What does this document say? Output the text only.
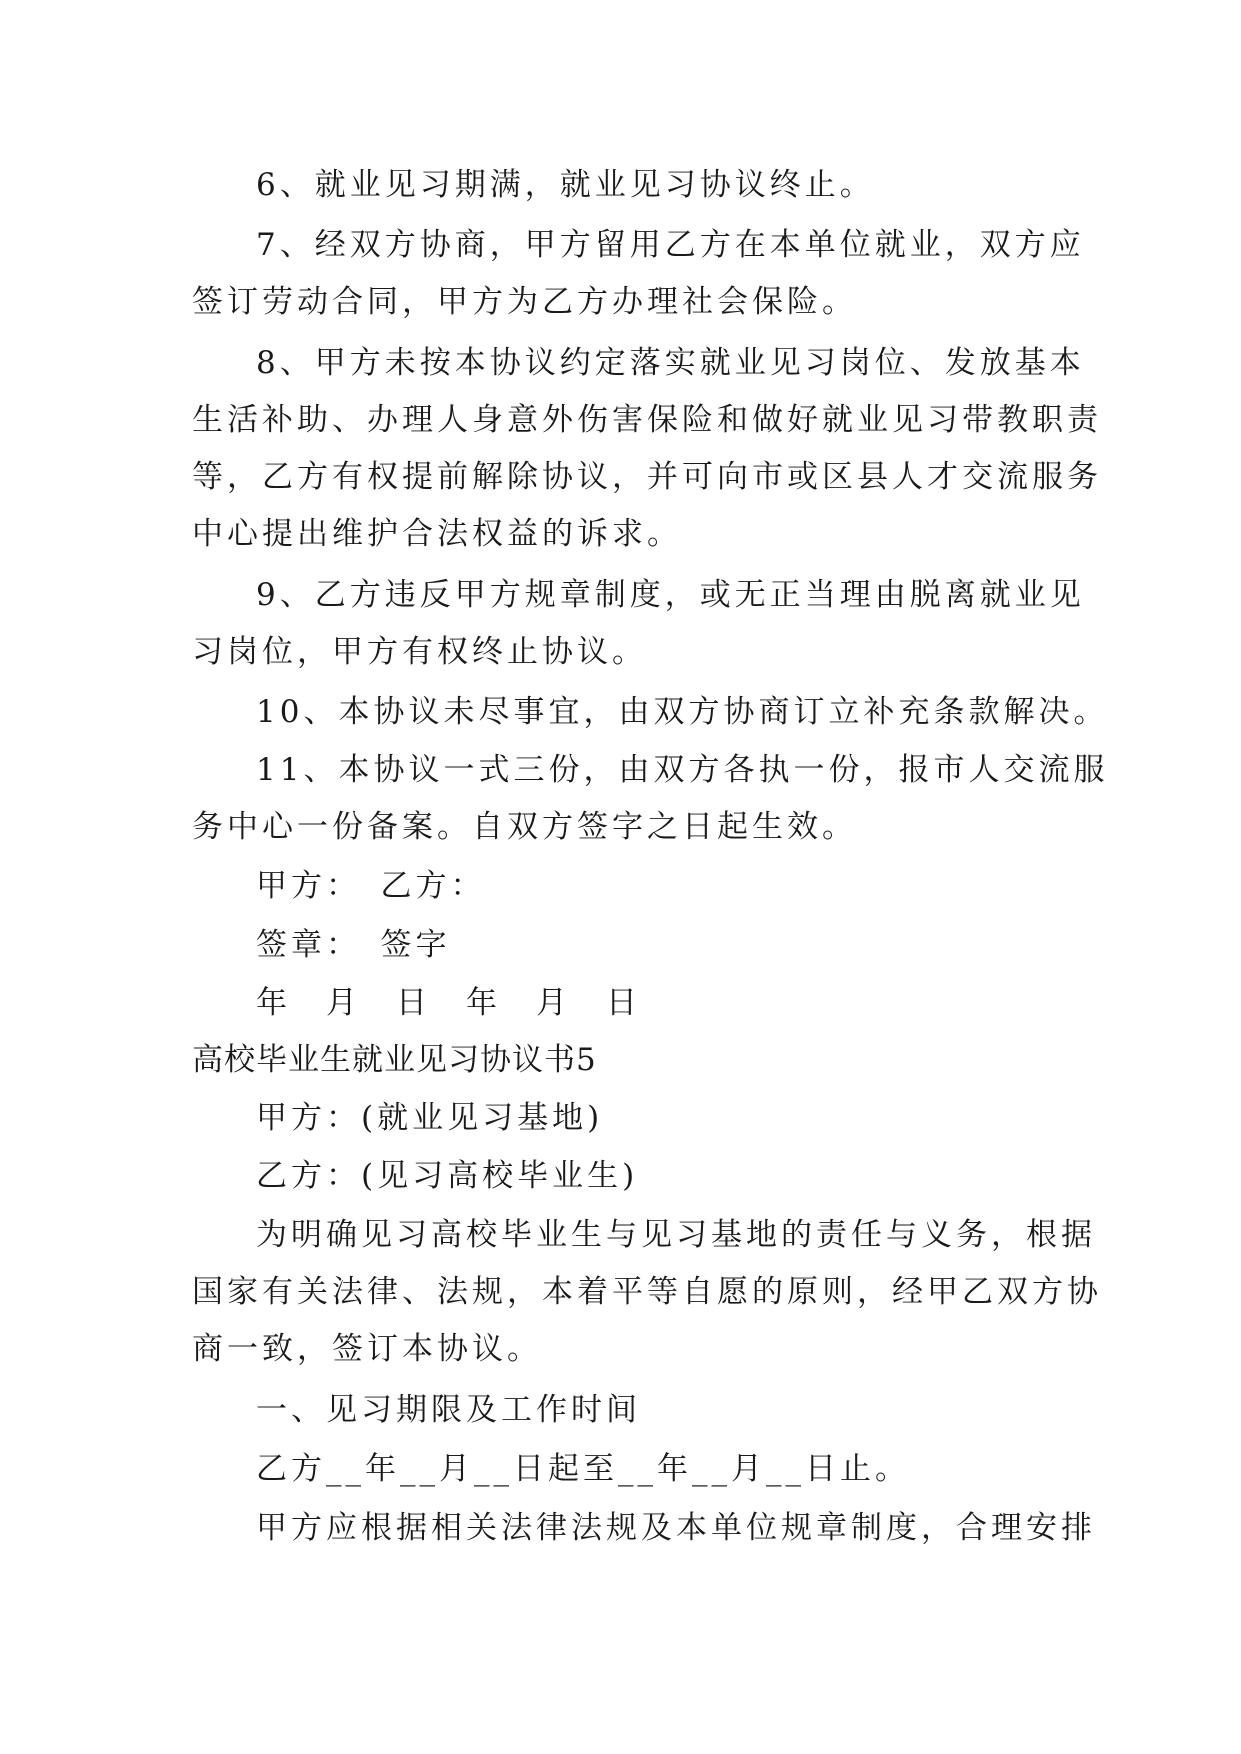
6、就业见习期满，就业见习协议终止。
7、经双方协商，甲方留用乙方在本单位就业，双方应
签订劳动合同，甲方为乙方办理社会保险。
8、甲方未按本协议约定落实就业见习岗位、发放基本
生活补助、办理人身意外伤害保险和做好就业见习带教职责
等，乙方有权提前解除协议，并可向市或区县人才交流服务
中心提出维护合法权益的诉求。
9、乙方违反甲方规章制度，或无正当理由脱离就业见
习岗位，甲方有权终止协议。
10、本协议未尽事宜，由双方协商订立补充条款解决。
11、本协议一式三份，由双方各执一份，报市人交流服
务中心一份备案。自双方签字之日起生效。
甲方：　乙方：
签章：　签字
年　月　日　年　月　日
高校毕业生就业见习协议书5
甲方：(就业见习基地)
乙方：(见习高校毕业生)
为明确见习高校毕业生与见习基地的责任与义务，根据
国家有关法律、法规，本着平等自愿的原则，经甲乙双方协
商一致，签订本协议。
一、见习期限及工作时间
乙方__年__月__日起至__年__月__日止。
甲方应根据相关法律法规及本单位规章制度，合理安排
